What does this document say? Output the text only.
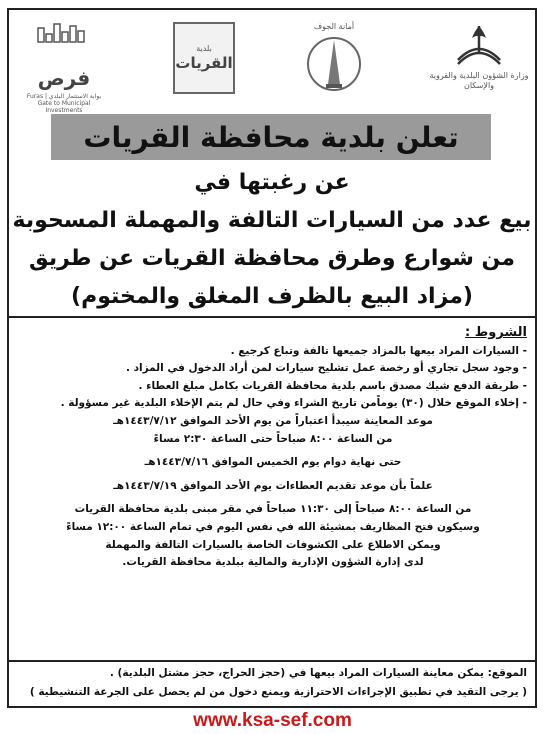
فرص
بوابة الاستثمار البلدي Furas | Gate to Municipal Investments
بلدية
القريات
أمانة الجوف
وزارة الشؤون البلدية والقروية والإسكان
تعلن بلدية محافظة القريات
عن رغبتها في
بيع عدد من السيارات التالفة والمهملة المسحوبة
من شوارع وطرق محافظة القريات عن طريق
(مزاد البيع بالظرف المغلق والمختوم)
الشروط :
- السيارات المراد بيعها بالمزاد جميعها تالفة وتباع كرجيع .
- وجود سجل تجاري أو رخصة عمل تشليح سيارات لمن أراد الدخول في المزاد .
- طريقة الدفع شيك مصدق باسم بلدية محافظة القريات بكامل مبلغ العطاء .
- إخلاء الموقع خلال (٣٠) يوماًمن تاريخ الشراء وفي حال لم يتم الإخلاء البلدية غير مسؤولة .
موعد المعاينة سيبدأ اعتباراً من يوم الأحد الموافق ١٤٤٣/٧/١٢هـ
من الساعة ٨:٠٠ صباحاً حتى الساعة ٢:٣٠ مساءً
حتى نهاية دوام يوم الخميس الموافق ١٤٤٣/٧/١٦هـ
علماً بأن موعد تقديم العطاءات يوم الأحد الموافق ١٤٤٣/٧/١٩هـ
من الساعة ٨:٠٠ صباحاً إلى ١١:٣٠ صباحاً في مقر مبنى بلدية محافظة القريات
وسيكون فتح المظاريف بمشيئة الله في نفس اليوم في تمام الساعة ١٢:٠٠ مساءً
ويمكن الاطلاع على الكشوفات الخاصة بالسيارات التالفة والمهملة
لدى إدارة الشؤون الإدارية والمالية ببلدية محافظة القريات.
الموقع: يمكن معاينة السيارات المراد بيعها في (حجز الحراج، حجز مشتل البلدية) .
( يرجى التقيد في تطبيق الإجراءات الاحترازية ويمنع دخول من لم يحصل على الجرعة التنشيطية )
www.ksa-sef.com
